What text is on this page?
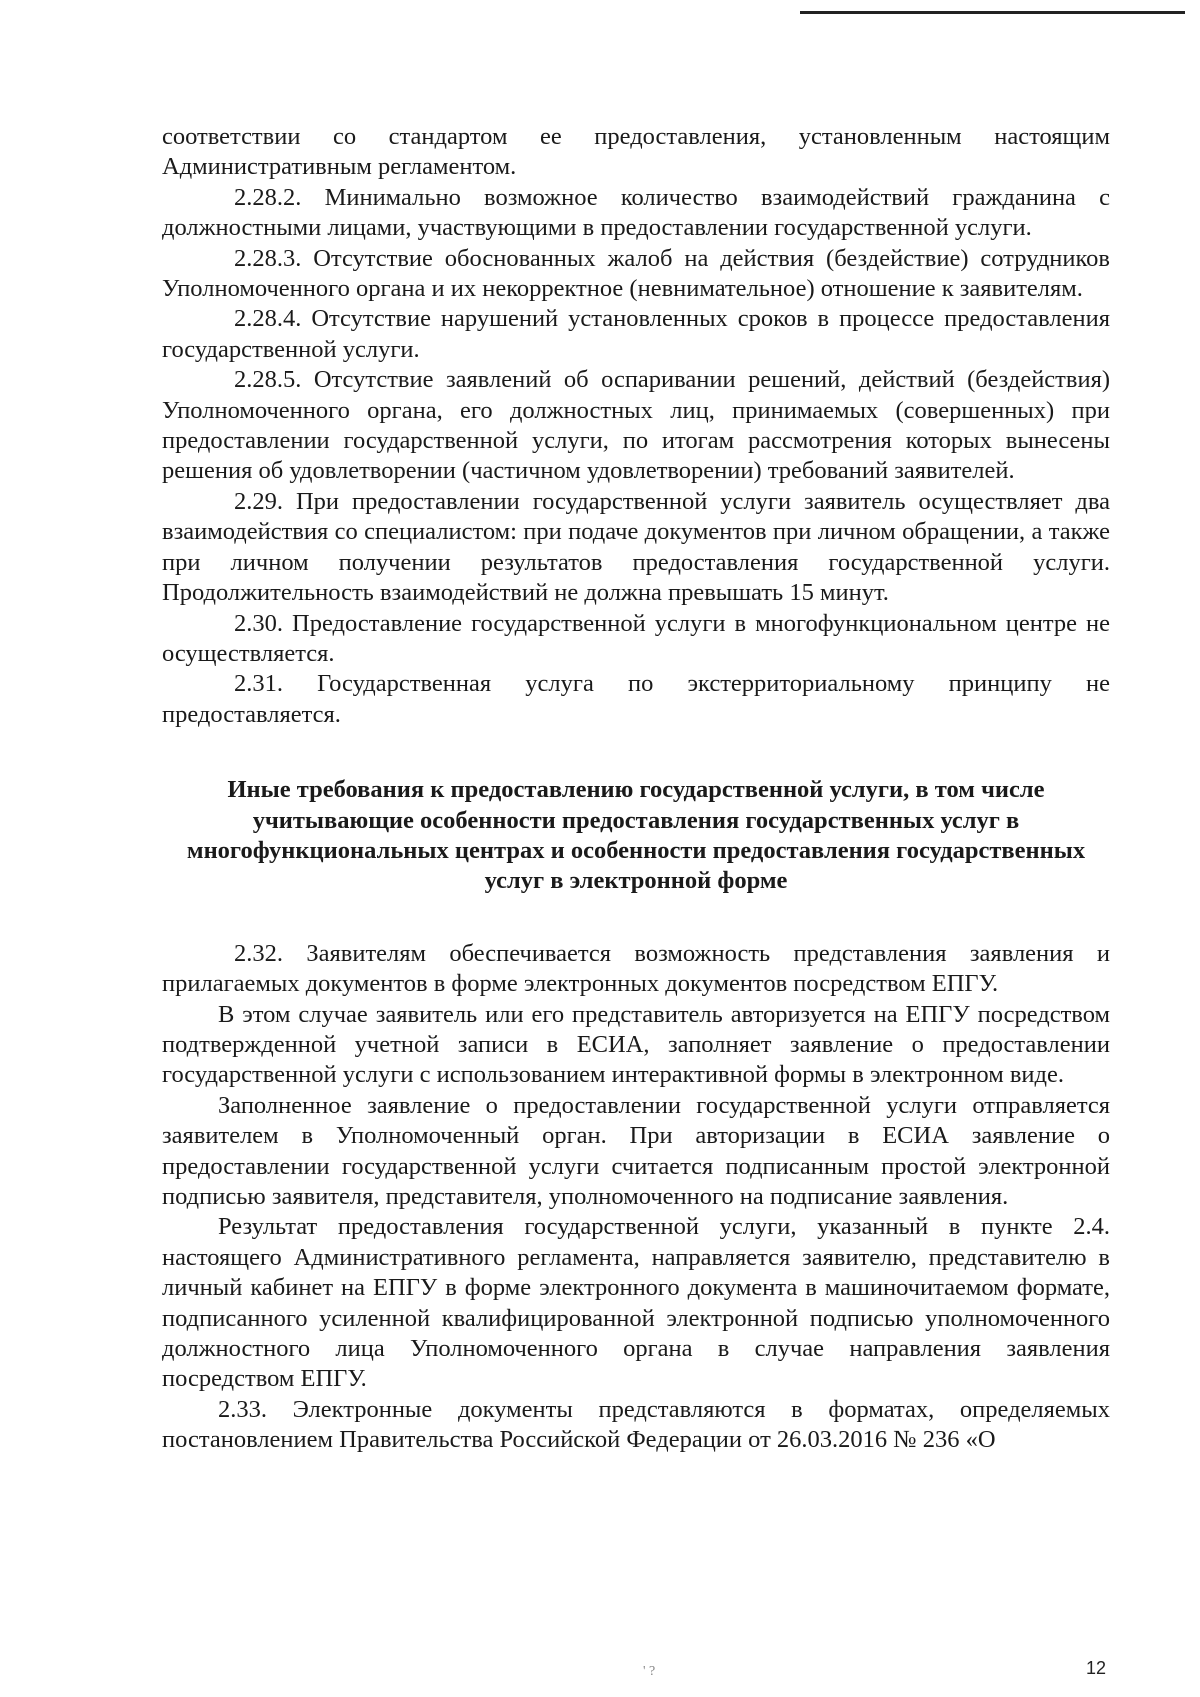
соответствии со стандартом ее предоставления, установленным настоящим Административным регламентом.

2.28.2. Минимально возможное количество взаимодействий гражданина с должностными лицами, участвующими в предоставлении государственной услуги.

2.28.3. Отсутствие обоснованных жалоб на действия (бездействие) сотрудников Уполномоченного органа и их некорректное (невнимательное) отношение к заявителям.

2.28.4. Отсутствие нарушений установленных сроков в процессе предоставления государственной услуги.

2.28.5. Отсутствие заявлений об оспаривании решений, действий (бездействия) Уполномоченного органа, его должностных лиц, принимаемых (совершенных) при предоставлении государственной услуги, по итогам рассмотрения которых вынесены решения об удовлетворении (частичном удовлетворении) требований заявителей.

2.29. При предоставлении государственной услуги заявитель осуществляет два взаимодействия со специалистом: при подаче документов при личном обращении, а также при личном получении результатов предоставления государственной услуги. Продолжительность взаимодействий не должна превышать 15 минут.

2.30. Предоставление государственной услуги в многофункциональном центре не осуществляется.

2.31. Государственная услуга по экстерриториальному принципу не предоставляется.

Иные требования к предоставлению государственной услуги, в том числе учитывающие особенности предоставления государственных услуг в многофункциональных центрах и особенности предоставления государственных услуг в электронной форме

2.32. Заявителям обеспечивается возможность представления заявления и прилагаемых документов в форме электронных документов посредством ЕПГУ.

В этом случае заявитель или его представитель авторизуется на ЕПГУ посредством подтвержденной учетной записи в ЕСИА, заполняет заявление о предоставлении государственной услуги с использованием интерактивной формы в электронном виде.

Заполненное заявление о предоставлении государственной услуги отправляется заявителем в Уполномоченный орган. При авторизации в ЕСИА заявление о предоставлении государственной услуги считается подписанным простой электронной подписью заявителя, представителя, уполномоченного на подписание заявления.

Результат предоставления государственной услуги, указанный в пункте 2.4. настоящего Административного регламента, направляется заявителю, представителю в личный кабинет на ЕПГУ в форме электронного документа в машиночитаемом формате, подписанного усиленной квалифицированной электронной подписью уполномоченного должностного лица Уполномоченного органа в случае направления заявления посредством ЕПГУ.

2.33. Электронные документы представляются в форматах, определяемых постановлением Правительства Российской Федерации от 26.03.2016 № 236 «О

' ?	12
